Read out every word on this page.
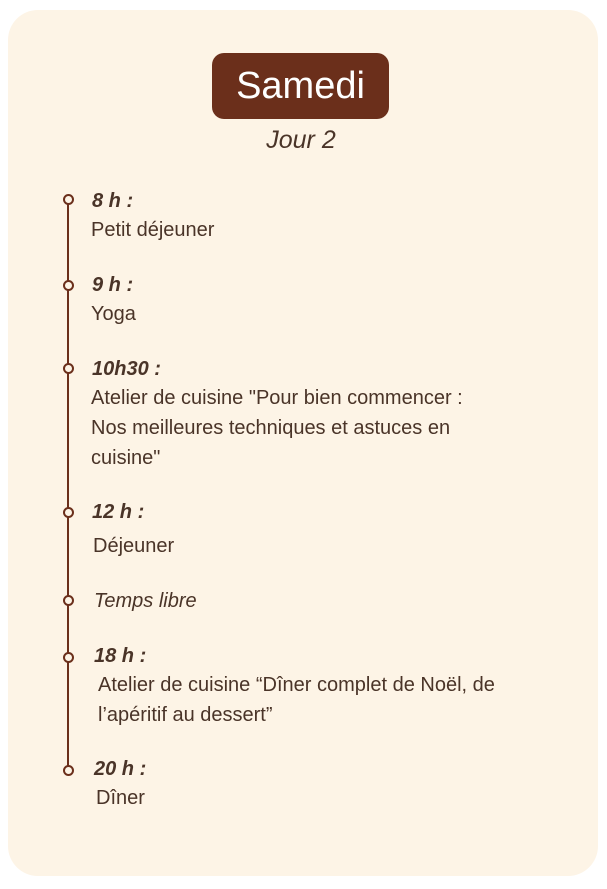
Samedi
Jour 2
8 h :
Petit déjeuner
9 h :
Yoga
10h30 :
Atelier de cuisine "Pour bien commencer :
Nos meilleures techniques et astuces en
cuisine"
12 h :
Déjeuner
Temps libre
18 h :
Atelier de cuisine “Dîner complet de Noël, de
l’apéritif au dessert”
20 h :
Dîner
